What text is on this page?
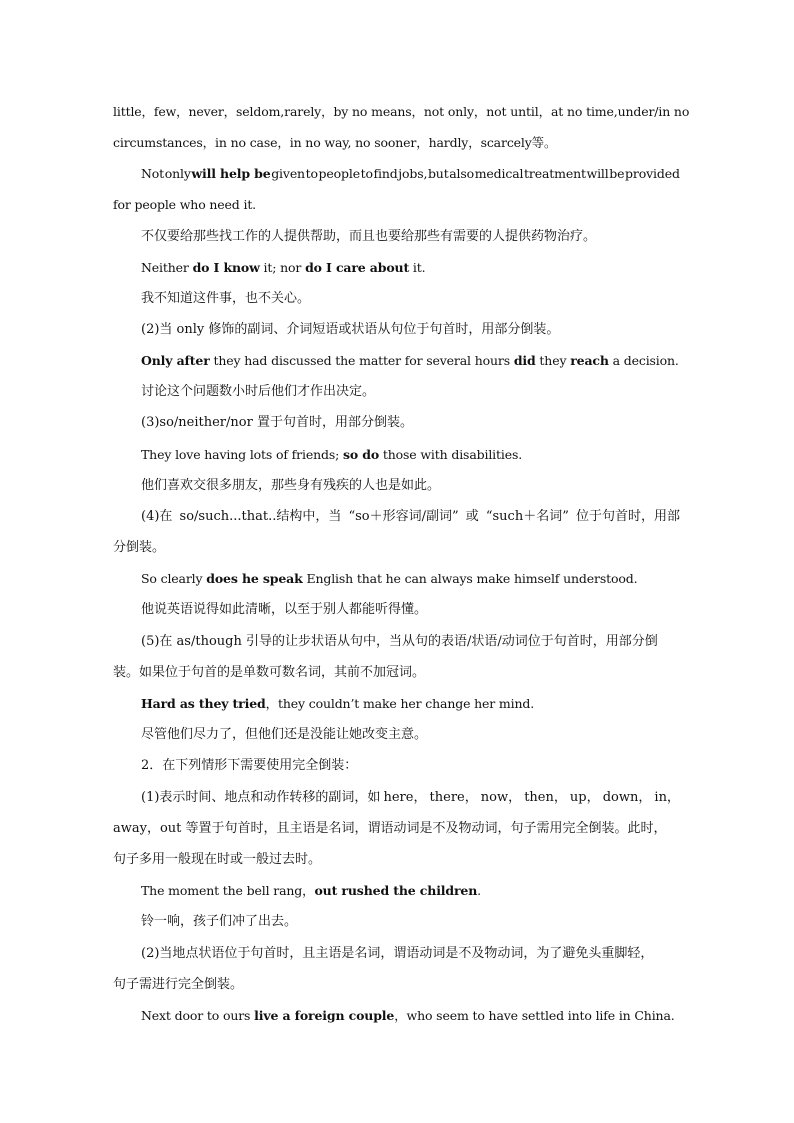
little， few， never， seldom, rarely， by no means， not only， not until， at no time, under/in no
circumstances，in no case，in no way, no sooner，hardly，scarcely等。
Not only will help be given to people to find jobs, but also medical treatment will be provided
for people who need it.
不仅要给那些找工作的人提供帮助，而且也要给那些有需要的人提供药物治疗。
Neither do I know it; nor do I care about it.
我不知道这件事，也不关心。
(2)当 only 修饰的副词、介词短语或状语从句位于句首时，用部分倒装。
Only after they had discussed the matter for several hours did they reach a decision.
讨论这个问题数小时后他们才作出决定。
(3)so/neither/nor 置于句首时，用部分倒装。
They love having lots of friends; so do those with disabilities.
他们喜欢交很多朋友，那些身有残疾的人也是如此。
(4)在 so/such...that..结构中，当 “so＋形容词/副词” 或 “such＋名词” 位于句首时，用部
分倒装。
So clearly does he speak English that he can always make himself understood.
他说英语说得如此清晰，以至于别人都能听得懂。
(5)在 as/though 引导的让步状语从句中，当从句的表语/状语/动词位于句首时，用部分倒
装。如果位于句首的是单数可数名词，其前不加冠词。
Hard as they tried，they couldn’t make her change her mind.
尽管他们尽力了，但他们还是没能让她改变主意。
2．在下列情形下需要使用完全倒装：
(1)表示时间、地点和动作转移的副词，如 here， there， now， then， up， down， in，
away，out 等置于句首时，且主语是名词，谓语动词是不及物动词，句子需用完全倒装。此时，
句子多用一般现在时或一般过去时。
The moment the bell rang，out rushed the children.
铃一响，孩子们冲了出去。
(2)当地点状语位于句首时，且主语是名词，谓语动词是不及物动词，为了避免头重脚轻，
句子需进行完全倒装。
Next door to ours live a foreign couple，who seem to have settled into life in China.
